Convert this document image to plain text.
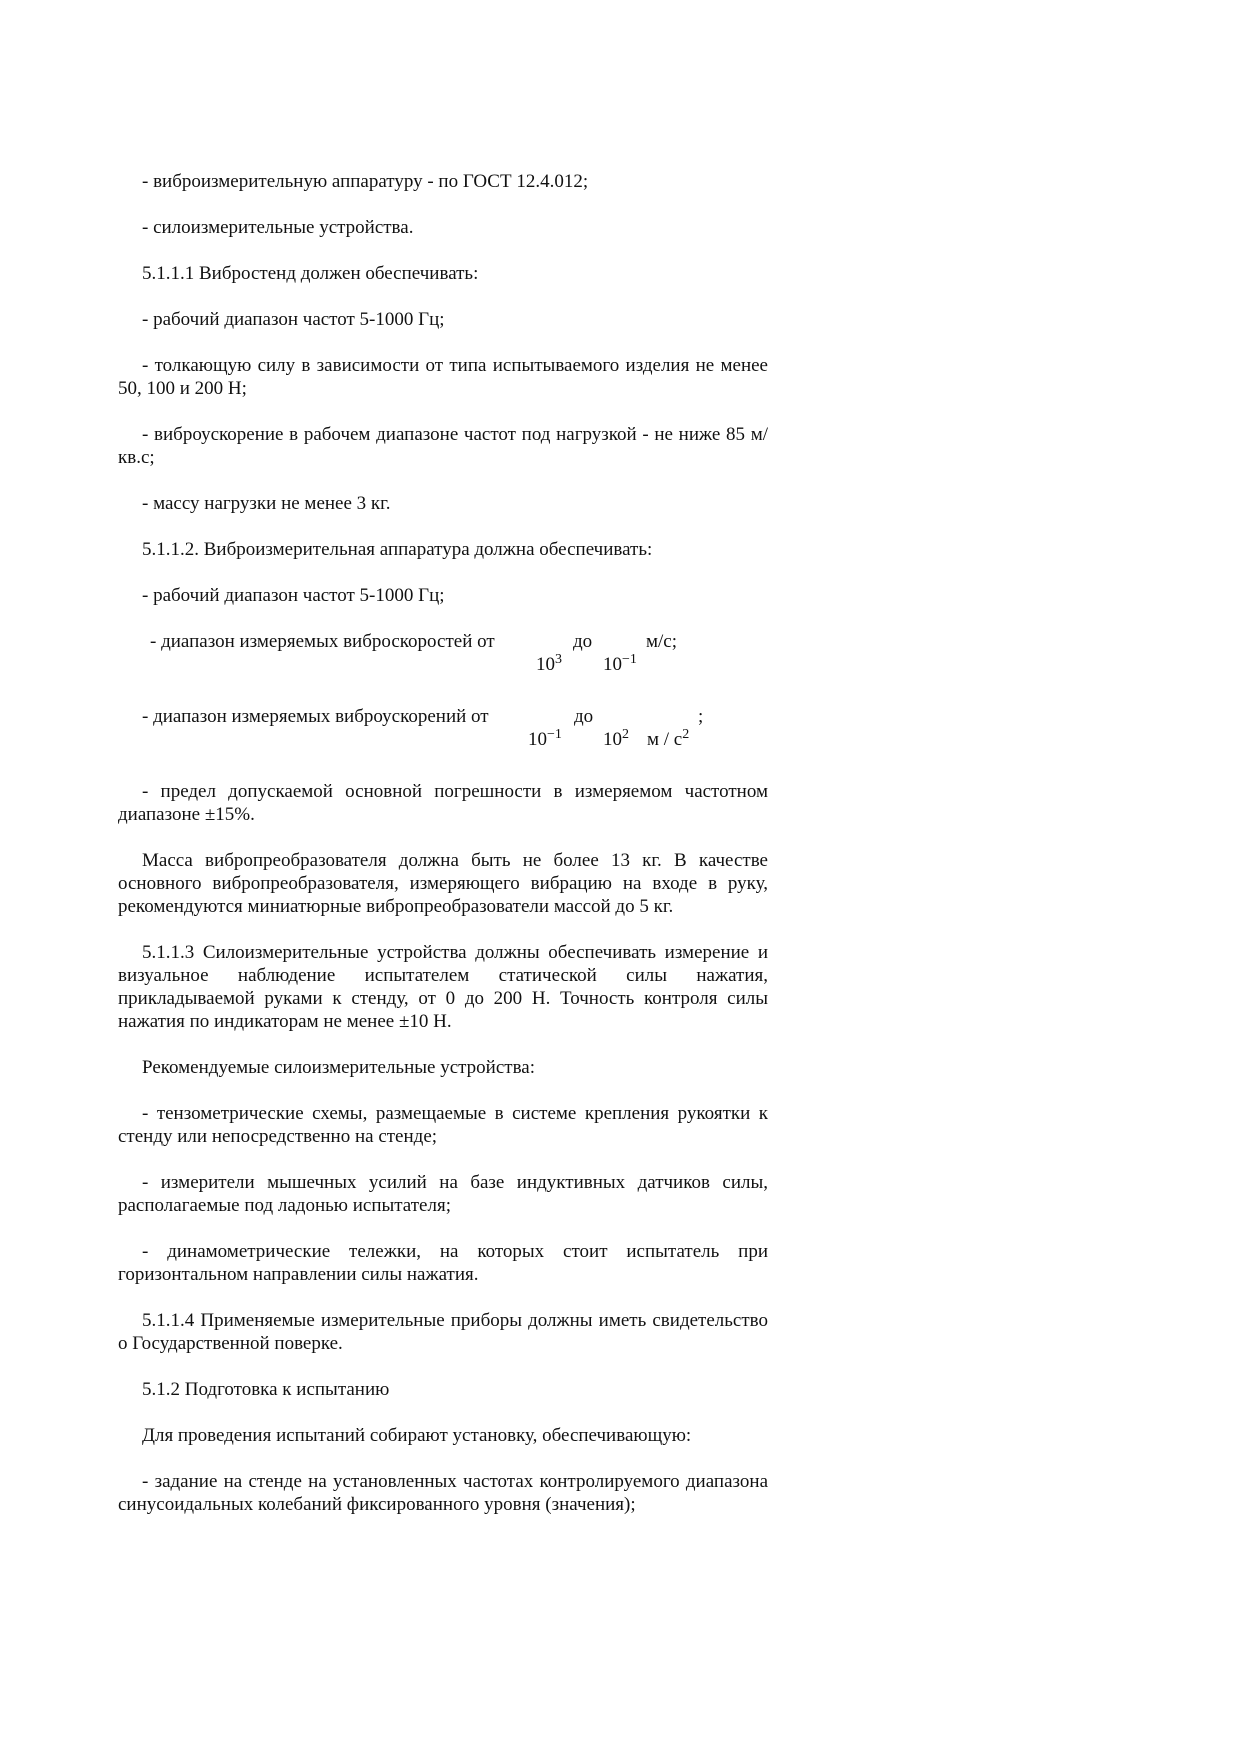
- виброизмерительную аппаратуру - по ГОСТ 12.4.012;

- силоизмерительные устройства.

5.1.1.1 Вибростенд должен обеспечивать:

- рабочий диапазон частот 5-1000 Гц;

- толкающую силу в зависимости от типа испытываемого изделия не менее 50, 100 и 200 Н;

- виброускорение в рабочем диапазоне частот под нагрузкой - не ниже 85 м/кв.с;

- массу нагрузки не менее 3 кг.

5.1.1.2. Виброизмерительная аппаратура должна обеспечивать:

- рабочий диапазон частот 5-1000 Гц;

- диапазон измеряемых виброскоростей от	до	м/с;
$10^3$ $10^{-1}$
- диапазон измеряемых виброускорений от	до	;
$10^{-1}$ $10^2$ м / $с^2$

- предел допускаемой основной погрешности в измеряемом частотном диапазоне ±15%.

Масса вибропреобразователя должна быть не более 13 кг. В качестве основного вибропреобразователя, измеряющего вибрацию на входе в руку, рекомендуются миниатюрные вибропреобразователи массой до 5 кг.

5.1.1.3 Силоизмерительные устройства должны обеспечивать измерение и визуальное наблюдение испытателем статической силы нажатия, прикладываемой руками к стенду, от 0 до 200 Н. Точность контроля силы нажатия по индикаторам не менее ±10 Н.

Рекомендуемые силоизмерительные устройства:

- тензометрические схемы, размещаемые в системе крепления рукоятки к стенду или непосредственно на стенде;

- измерители мышечных усилий на базе индуктивных датчиков силы, располагаемые под ладонью испытателя;

- динамометрические тележки, на которых стоит испытатель при горизонтальном направлении силы нажатия.

5.1.1.4 Применяемые измерительные приборы должны иметь свидетельство о Государственной поверке.

5.1.2 Подготовка к испытанию

Для проведения испытаний собирают установку, обеспечивающую:

- задание на стенде на установленных частотах контролируемого диапазона синусоидальных колебаний фиксированного уровня (значения);
